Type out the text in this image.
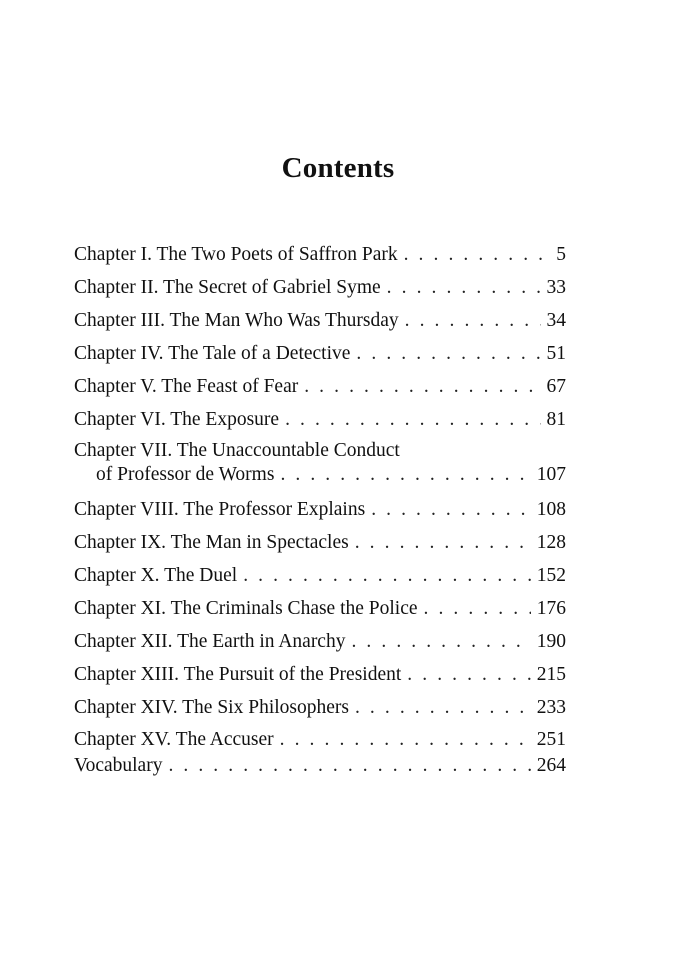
Contents
Chapter I. The Two Poets of Saffron Park . . .	5
Chapter II. The Secret of Gabriel Syme . . .	33
Chapter III. The Man Who Was Thursday . . .	34
Chapter IV. The Tale of a Detective . . .	51
Chapter V. The Feast of Fear . . .	67
Chapter VI. The Exposure . . .	81
Chapter VII. The Unaccountable Conduct
of Professor de Worms . . .	107
Chapter VIII. The Professor Explains . . .	108
Chapter IX. The Man in Spectacles . . .	128
Chapter X. The Duel . . .	152
Chapter XI. The Criminals Chase the Police . . .	176
Chapter XII. The Earth in Anarchy . . .	190
Chapter XIII. The Pursuit of the President . . .	215
Chapter XIV. The Six Philosophers . . .	233
Chapter XV. The Accuser . . .	251
Vocabulary . . .	264
